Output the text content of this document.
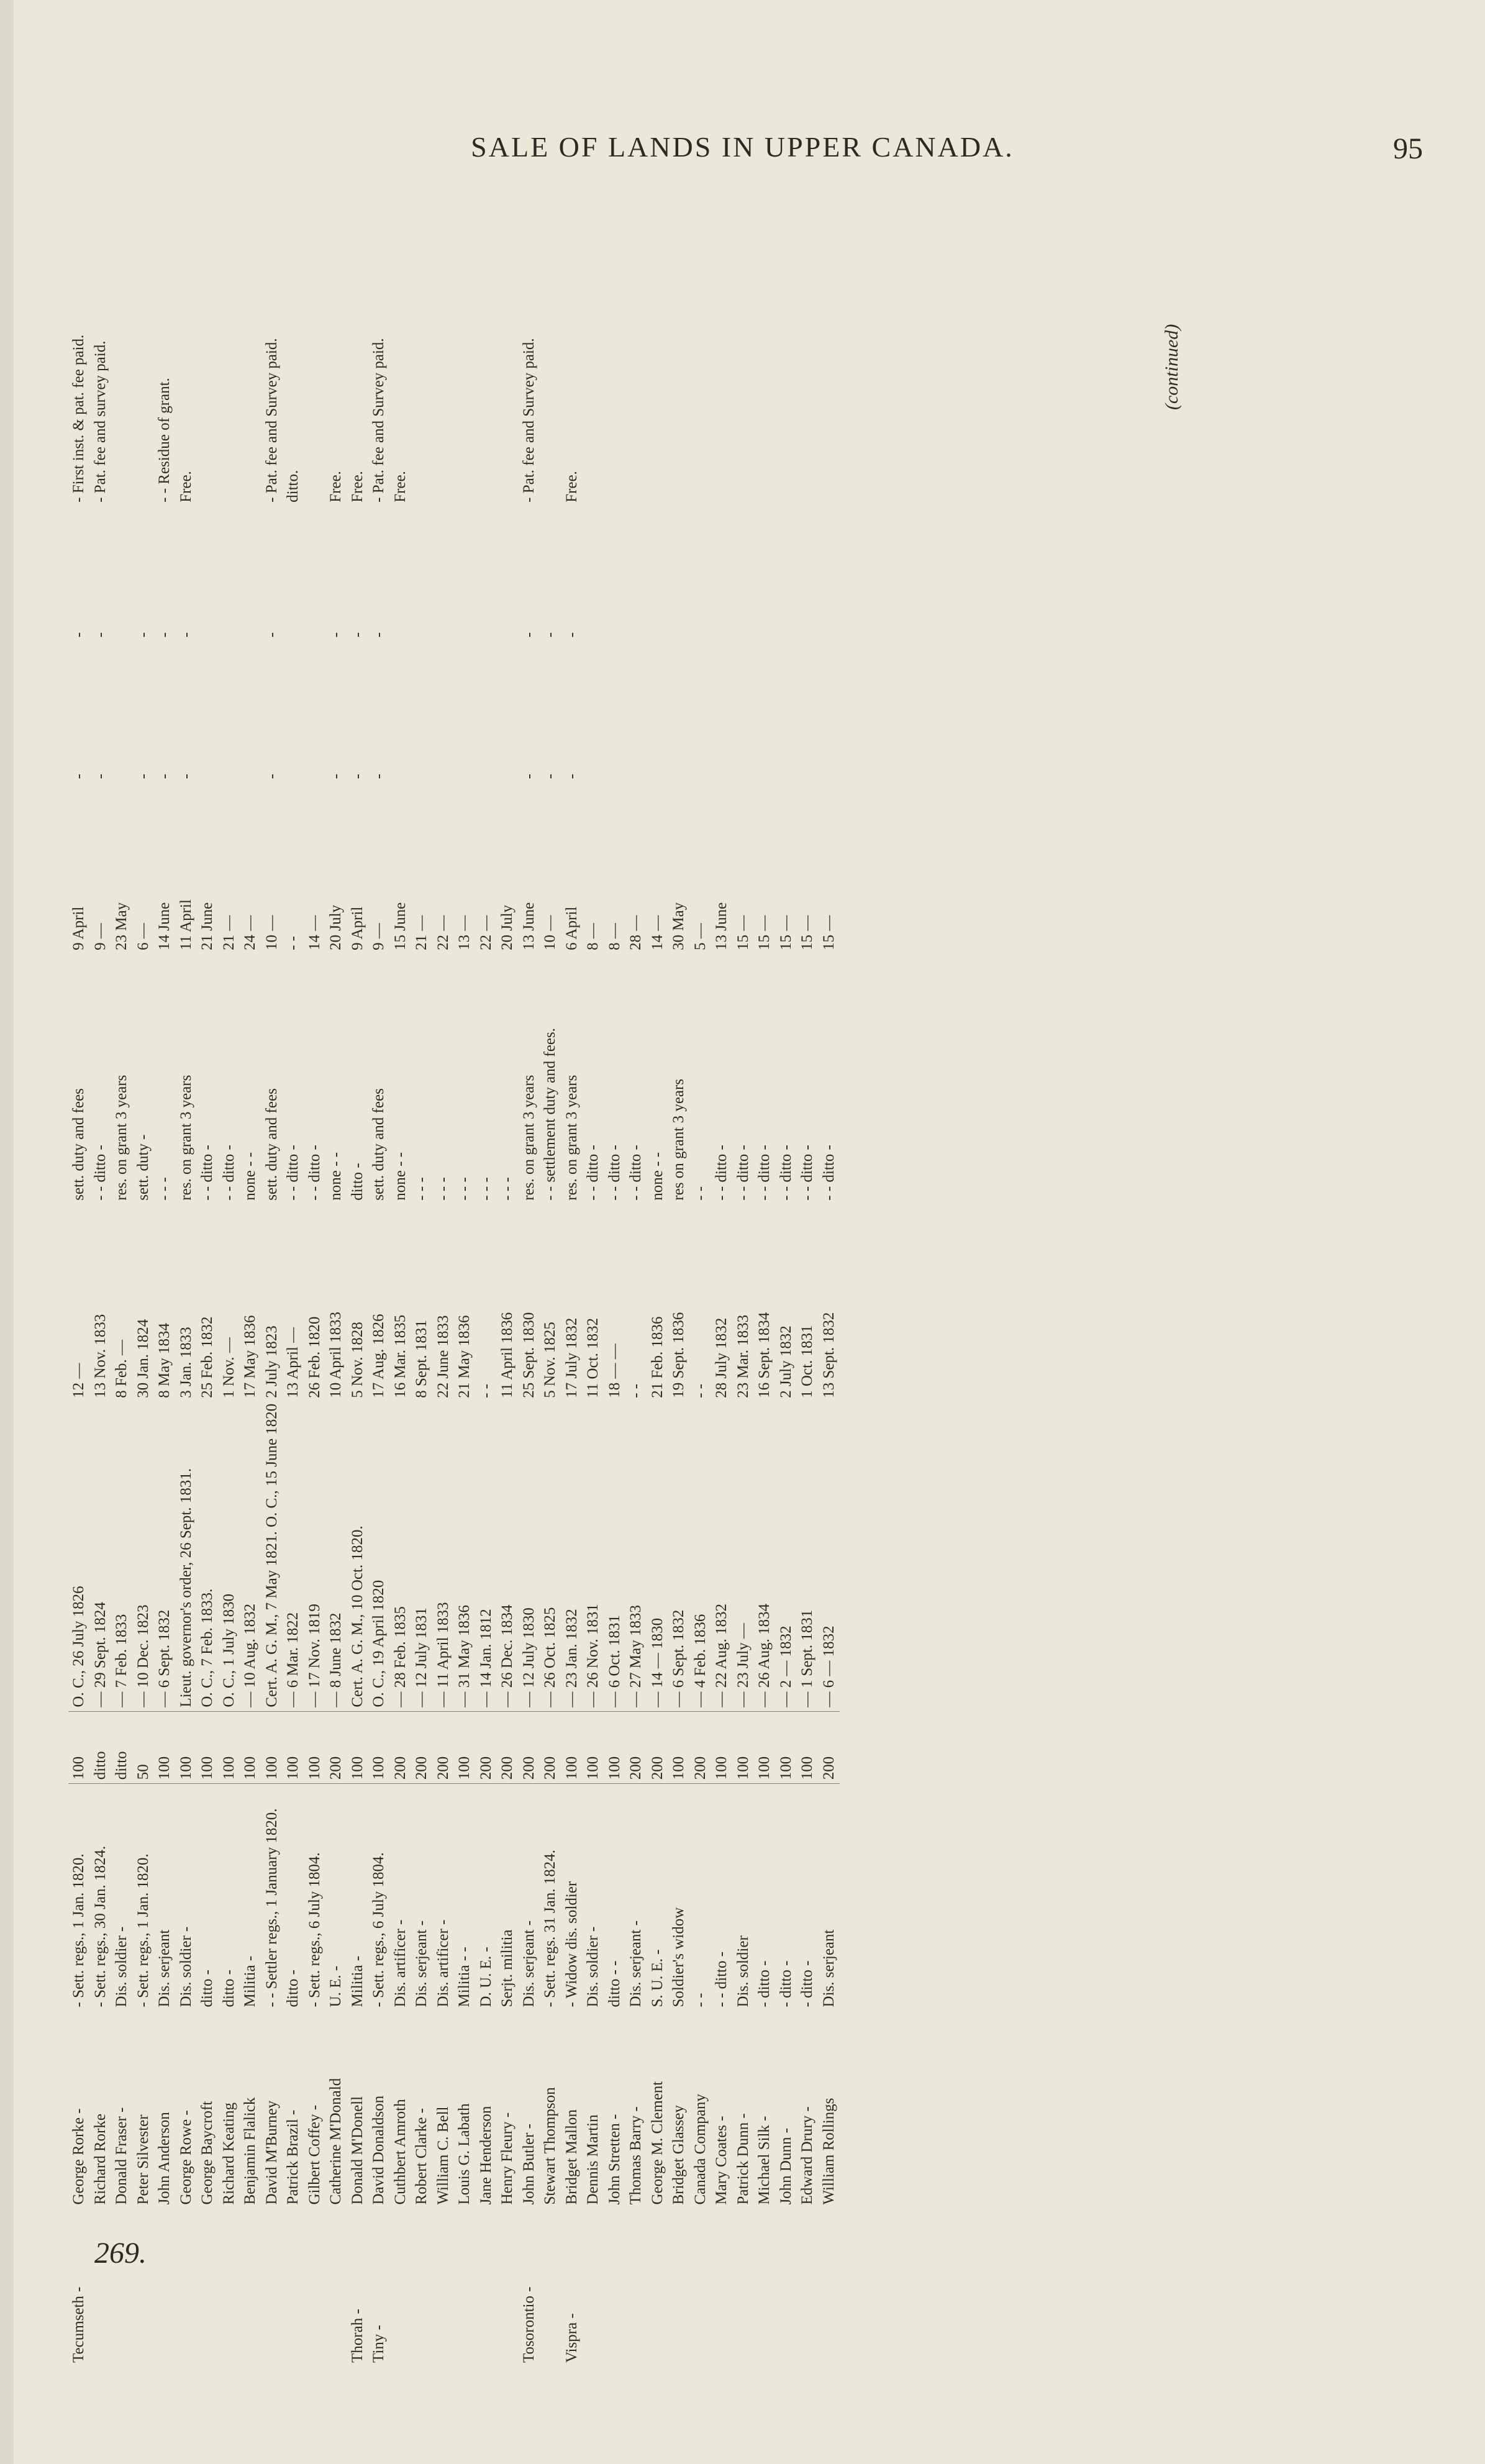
SALE OF LANDS IN UPPER CANADA.	95
Tecumseth -	George Rorke -	- Sett. regs., 1 Jan. 1820.	100	O. C., 26 July 1826	12 —	sett. duty and fees	9 April	-	-	- First inst. & pat. fee paid.
	Richard Rorke	- Sett. regs., 30 Jan. 1824.	ditto	— 29 Sept. 1824	13 Nov. 1833	- - ditto -	9 —	-	-	- Pat. fee and survey paid.
	Donald Fraser -	Dis. soldier -	ditto	— 7 Feb. 1833	8 Feb. —	res. on grant 3 years	23 May			
	Peter Silvester	- Sett. regs., 1 Jan. 1820.	50	— 10 Dec. 1823	30 Jan. 1824	sett. duty -	6 —	-	-	
	John Anderson	Dis. serjeant	100	— 6 Sept. 1832	8 May 1834	- - -	14 June	-	-	- - Residue of grant.
	George Rowe -	Dis. soldier -	100	Lieut. governor's order, 26 Sept. 1831.	3 Jan. 1833	res. on grant 3 years	11 April	-	-	Free.
	George Baycroft	ditto -	100	O. C., 7 Feb. 1833.	25 Feb. 1832	- - ditto -	21 June			
	Richard Keating	ditto -	100	O. C., 1 July 1830	1 Nov. —	- - ditto -	21 —			
	Benjamin Flalick	Militia -	100	— 10 Aug. 1832	17 May 1836	none - -	24 —			
	David M'Burney	- - Settler regs., 1 January 1820.	100	Cert. A. G. M., 7 May 1821. O. C., 15 June 1820	2 July 1823	sett. duty and fees	10 —	-	-	- Pat. fee and Survey paid.
	Patrick Brazil -	ditto -	100	— 6 Mar. 1822	13 April —	- - ditto -	- -			ditto.
	Gilbert Coffey -	- Sett. regs., 6 July 1804.	100	— 17 Nov. 1819	26 Feb. 1820	- - ditto -	14 —			
	Catherine M'Donald	U. E. -	200	— 8 June 1832	10 April 1833	none - -	20 July	-	-	Free.
Thorah -	Donald M'Donell	Militia -	100	Cert. A. G. M., 10 Oct. 1820.	5 Nov. 1828	ditto -	9 April	-	-	Free.
Tiny -	David Donaldson	- Sett. regs., 6 July 1804.	100	O. C., 19 April 1820	17 Aug. 1826	sett. duty and fees	9 —	-	-	- Pat. fee and Survey paid.
	Cuthbert Amroth	Dis. artificer -	200	— 28 Feb. 1835	16 Mar. 1835	none - -	15 June			Free.
	Robert Clarke -	Dis. serjeant -	200	— 12 July 1831	8 Sept. 1831	- - -	21 —			
	William C. Bell	Dis. artificer -	200	— 11 April 1833	22 June 1833	- - -	22 —			
	Louis G. Labath	Militia - -	100	— 31 May 1836	21 May 1836	- - -	13 —			
	Jane Henderson	D. U. E. -	200	— 14 Jan. 1812	- -	- - -	22 —			
	Henry Fleury -	Serjt. militia	200	— 26 Dec. 1834	11 April 1836	- - -	20 July			
Tosorontio -	John Butler -	Dis. serjeant -	200	— 12 July 1830	25 Sept. 1830	res. on grant 3 years	13 June	-	-	- Pat. fee and Survey paid.
	Stewart Thompson	- Sett. regs. 31 Jan. 1824.	200	— 26 Oct. 1825	5 Nov. 1825	- - settlement duty and fees.	10 —	-	-	
Vispra -	Bridget Mallon	- Widow dis. soldier	100	— 23 Jan. 1832	17 July 1832	res. on grant 3 years	6 April	-	-	Free.
	Dennis Martin	Dis. soldier -	100	— 26 Nov. 1831	11 Oct. 1832	- - ditto -	8 —			
	John Stretten -	ditto - -	100	— 6 Oct. 1831	18 — —	- - ditto -	8 —			
	Thomas Barry -	Dis. serjeant -	200	— 27 May 1833	- -	- - ditto -	28 —			
	George M. Clement	S. U. E. -	200	— 14 — 1830	21 Feb. 1836	none - -	14 —			
	Bridget Glassey	Soldier's widow	100	— 6 Sept. 1832	19 Sept. 1836	res on grant 3 years	30 May			
	Canada Company	- -	200	— 4 Feb. 1836	- -	- -	5 —			
	Mary Coates -	- - ditto -	100	— 22 Aug. 1832	28 July 1832	- - ditto -	13 June			
	Patrick Dunn -	Dis. soldier	100	— 23 July —	23 Mar. 1833	- - ditto -	15 —			
	Michael Silk -	- ditto -	100	— 26 Aug. 1834	16 Sept. 1834	- - ditto -	15 —			
	John Dunn -	- ditto -	100	— 2 — 1832	2 July 1832	- - ditto -	15 —			
	Edward Drury -	- ditto -	100	— 1 Sept. 1831	1 Oct. 1831	- - ditto -	15 —			
	William Rollings	Dis. serjeant	200	— 6 — 1832	13 Sept. 1832	- - ditto -	15 —			
(continued)
269.
